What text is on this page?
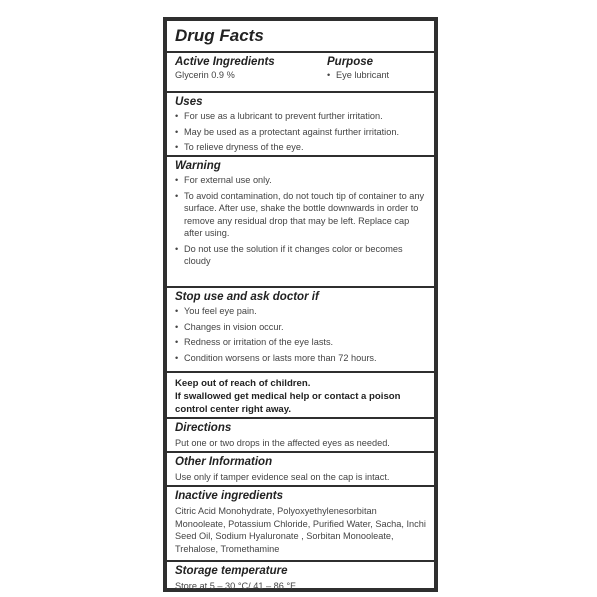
Drug Facts
Active Ingredients
Glycerin 0.9 %
Purpose
• Eye lubricant
Uses
• For use as a lubricant to prevent further irritation.
• May be used as a protectant against further irritation.
• To relieve dryness of the eye.
Warning
• For external use only.
• To avoid contamination, do not touch tip of container to any surface. After use, shake the bottle downwards in order to remove any residual drop that may be left. Replace cap after using.
• Do not use the solution if it changes color or becomes cloudy
Stop use and ask doctor if
• You feel eye pain.
• Changes in vision occur.
• Redness or irritation of the eye lasts.
• Condition worsens or lasts more than 72 hours.
Keep out of reach of children.
If swallowed get medical help or contact a poison control center right away.
Directions
Put one or two drops in the affected eyes as needed.
Other Information
Use only if tamper evidence seal on the cap is intact.
Inactive ingredients
Citric Acid Monohydrate, Polyoxyethylenesorbitan Monooleate, Potassium Chloride, Purified Water, Sacha, Inchi Seed Oil, Sodium Hyaluronate , Sorbitan Monooleate, Trehalose, Tromethamine
Storage temperature
Store at 5 – 30 °C/ 41 – 86 °F
